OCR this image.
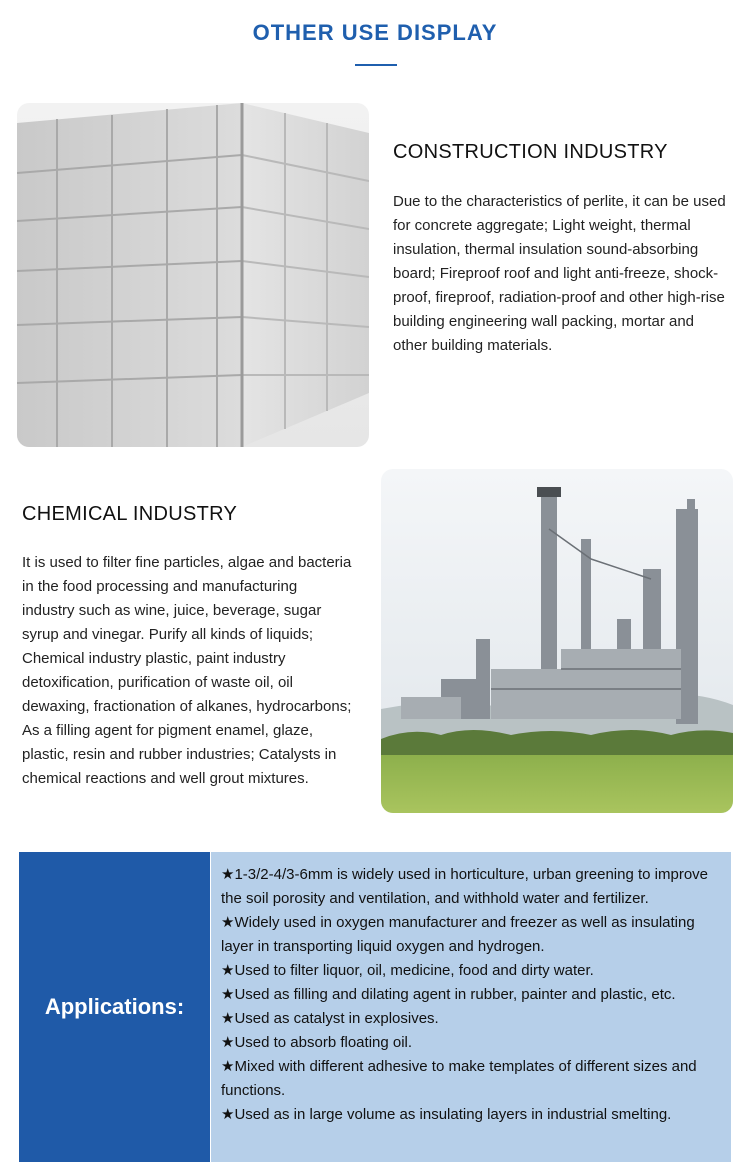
OTHER USE DISPLAY
CONSTRUCTION INDUSTRY
Due to the characteristics of perlite, it can be used for concrete aggregate; Light weight, thermal insulation, thermal insulation sound-absorbing board; Fireproof roof and light anti-freeze, shock-proof, fireproof, radiation-proof and other high-rise building engineering wall packing, mortar and other building materials.
CHEMICAL INDUSTRY
It is used to filter fine particles, algae and bacteria in the food processing and manufacturing industry such as wine, juice, beverage, sugar syrup and vinegar. Purify all kinds of liquids; Chemical industry plastic, paint industry detoxification, purification of waste oil, oil dewaxing, fractionation of alkanes, hydrocarbons; As a filling agent for pigment enamel, glaze, plastic, resin and rubber industries; Catalysts in chemical reactions and well grout mixtures.
Applications:
★1-3/2-4/3-6mm is widely used in horticulture, urban greening to improve the soil porosity and ventilation, and withhold water and fertilizer.
★Widely used in oxygen manufacturer and freezer as well as insulating layer in transporting liquid oxygen and hydrogen.
★Used to filter liquor, oil, medicine, food and dirty water.
★Used as filling and dilating agent in rubber, painter and plastic, etc.
★Used as catalyst in explosives.
★Used to absorb floating oil.
★Mixed with different adhesive to make templates of different sizes and functions.
★Used as in large volume as insulating layers in industrial smelting.
